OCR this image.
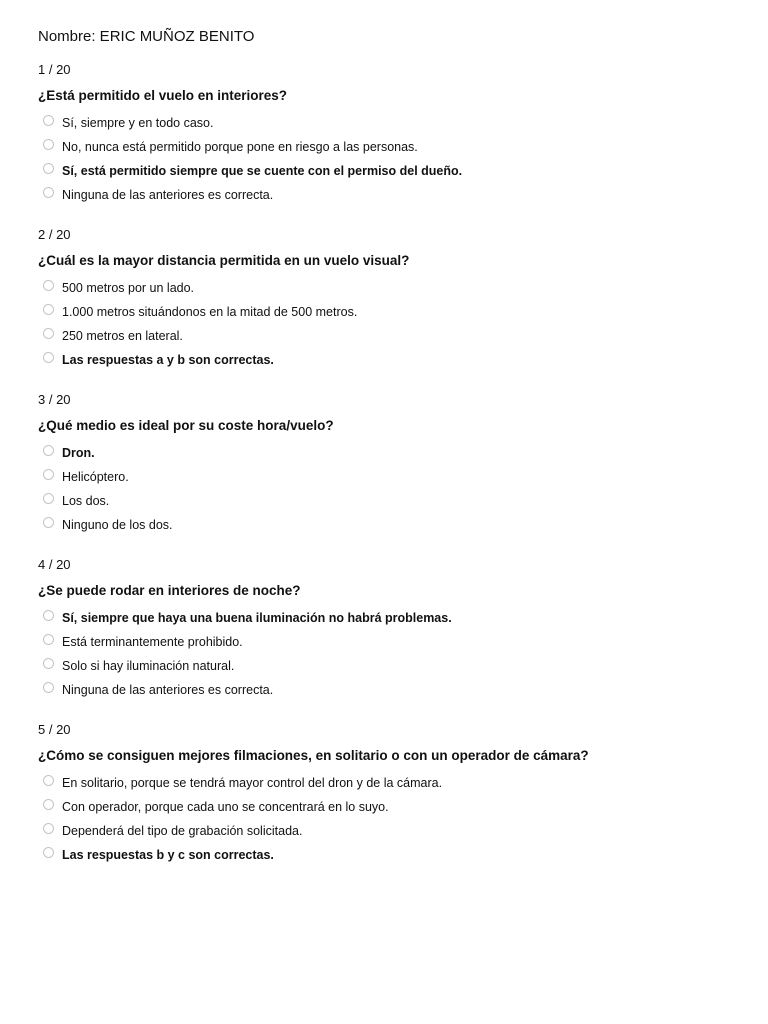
Nombre: ERIC MUÑOZ BENITO
1 / 20
¿Está permitido el vuelo en interiores?
Sí, siempre y en todo caso.
No, nunca está permitido porque pone en riesgo a las personas.
Sí, está permitido siempre que se cuente con el permiso del dueño.
Ninguna de las anteriores es correcta.
2 / 20
¿Cuál es la mayor distancia permitida en un vuelo visual?
500 metros por un lado.
1.000 metros situándonos en la mitad de 500 metros.
250 metros en lateral.
Las respuestas a y b son correctas.
3 / 20
¿Qué medio es ideal por su coste hora/vuelo?
Dron.
Helicóptero.
Los dos.
Ninguno de los dos.
4 / 20
¿Se puede rodar en interiores de noche?
Sí, siempre que haya una buena iluminación no habrá problemas.
Está terminantemente prohibido.
Solo si hay iluminación natural.
Ninguna de las anteriores es correcta.
5 / 20
¿Cómo se consiguen mejores filmaciones, en solitario o con un operador de cámara?
En solitario, porque se tendrá mayor control del dron y de la cámara.
Con operador, porque cada uno se concentrará en lo suyo.
Dependerá del tipo de grabación solicitada.
Las respuestas b y c son correctas.
